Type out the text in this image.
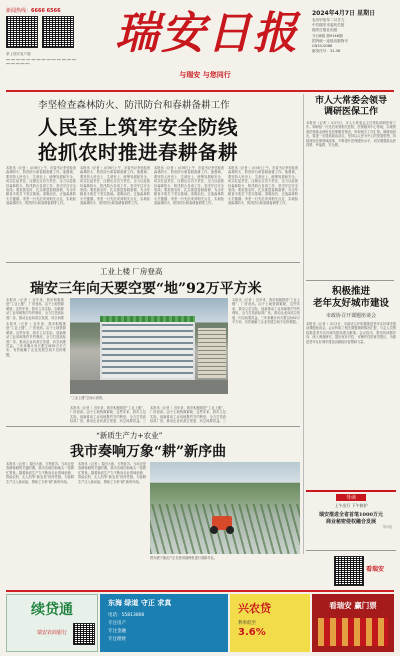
新闻热线：6666 6566
掌上瑞安客户端
━━ ━━ ━━ ━━ ━━ ━━ ━━ ━━ ━━ ━━ ━━ ━━ ━━ ━━ ━━ ━━ ━━ ━━ ━━
瑞安日报
与瑞安 与您同行
2024年4月7日 星期日
农历甲辰年二月廿九
中共瑞安市委机关报
瑞安日报社出版
今日8版 第9146期
国内统一连续出版物号
CN33-0086
邮发代号：31-58
李坚检查森林防火、防汛防台和春耕备耕工作
人民至上筑牢安全防线
抢抓农时推进春耕备耕
本报讯（记者 ）4月6日上午，市委书记李坚检查森林防火、防汛防台和春耕备耕工作。他强调，要坚持人民至上、生命至上，统筹发展和安全，切实扛起责任，压紧压实各方责任，全力以赴抓好森林防火、防汛防台各项工作，坚决守住安全底线；要抢抓农时，扎实推进春耕备耕，为全年粮食丰收打下坚实基础。清明前后，正值森林防火关键期。李坚一行先后来到相关点位，实地检查森林防火、防汛防台和春耕备耕等工作。
本报讯（记者 ）4月6日上午，市委书记李坚检查森林防火、防汛防台和春耕备耕工作。他强调，要坚持人民至上、生命至上，统筹发展和安全，切实扛起责任，压紧压实各方责任，全力以赴抓好森林防火、防汛防台各项工作，坚决守住安全底线；要抢抓农时，扎实推进春耕备耕，为全年粮食丰收打下坚实基础。清明前后，正值森林防火关键期。李坚一行先后来到相关点位，实地检查森林防火、防汛防台和春耕备耕等工作。
本报讯（记者 ）4月6日上午，市委书记李坚检查森林防火、防汛防台和春耕备耕工作。他强调，要坚持人民至上、生命至上，统筹发展和安全，切实扛起责任，压紧压实各方责任，全力以赴抓好森林防火、防汛防台各项工作，坚决守住安全底线；要抢抓农时，扎实推进春耕备耕，为全年粮食丰收打下坚实基础。清明前后，正值森林防火关键期。李坚一行先后来到相关点位，实地检查森林防火、防汛防台和春耕备耕等工作。
本报讯（记者 ）4月6日上午，市委书记李坚检查森林防火、防汛防台和春耕备耕工作。他强调，要坚持人民至上、生命至上，统筹发展和安全，切实扛起责任，压紧压实各方责任，全力以赴抓好森林防火、防汛防台各项工作，坚决守住安全底线；要抢抓农时，扎实推进春耕备耕，为全年粮食丰收打下坚实基础。清明前后，正值森林防火关键期。李坚一行先后来到相关点位，实地检查森林防火、防汛防台和春耕备耕等工作。
市人大常委会领导
调研医保工作
本报讯（记者 ）4月3日，市人大常委会主任带队调研医保工作。调研组一行先后来到相关医院、医保服务中心等地，实地察看医保基金使用及医保服务情况，听取相关工作汇报。调研组指出，要进一步提高政治站位，坚持以人民为中心的发展思想，持续深化医保领域改革，不断提升医保服务水平，切实增强群众获得感、幸福感、安全感。
积极推进
老年友好城市建设
市政协召开课题座谈会
本报讯（记者 ）4月3日，市政协召开积极推进老年友好城市建设课题座谈会。会议听取了相关课题调研情况汇报，与会人员围绕推进老年友好城市建设建言献策。会议指出，要坚持问题导向，深入调查研究，提出有针对性、可操作性的意见建议，为推进老年友好城市建设贡献政协智慧和力量。
导读
上午出行 下午救护
瑞安推进全省首笔1000万元
商业秘密侵权融合发展
第2版
工业上楼 厂房登高
瑞安三年向天要空要“地”92万平方米
本报讯（记者 ）近年来，我市积极推进“工业上楼”，厂房登高。由于土地资源紧缺，这些年来，我市立足实际，创新推动工业用地集约节约利用，全力打造高标准厂房，推动企业向高空发展、向空间要
本报讯（记者 ）近年来，我市积极推进“工业上楼”，厂房登高。由于土地资源紧缺，这些年来，我市立足实际，创新推动工业用地集约节约利用，全力打造高标准厂房，推动企业向高空发展、向空间要效益。三年来累计向天要空间92万平方米，有效破解了企业发展空间不足的难题。
“工业上楼”空间示意图。
本报讯（记者 ）近年来，我市积极推进“工业上楼”，厂房登高。由于土地资源紧缺，这些年来，我市立足实际，创新推动工业用地集约节约利用，全力打造高标准厂房，推动企业向高空发展、向空间要效益。三
本报讯（记者 ）近年来，我市积极推进“工业上楼”，厂房登高。由于土地资源紧缺，这些年来，我市立足实际，创新推动工业用地集约节约利用，全力打造高标准厂房，推动企业向高空发展、向空间要效益。三
本报讯（记者 ）近年来，我市积极推进“工业上楼”，厂房登高。由于土地资源紧缺，这些年来，我市立足实际，创新推动工业用地集约节约利用，全力打造高标准厂房，推动企业向高空发展、向空间要效益。三年来累计向天要空间92万平方米，有效破解了企业发展空间不足的难题。
“新质生产力+农业”
我市奏响万象“耕”新序曲
本报讯（记者 ）春回大地，万物复苏。当前正是春耕备耕的关键时期，我市各地田间地头一派繁忙景象。随着新质生产力不断向农业领域延伸，智能农机、无人机等“新农具”纷纷亮相，为春耕生产注入新动能，奏响了万象“耕”新的序曲。
本报讯（记者 ）春回大地，万物复苏。当前正是春耕备耕的关键时期，我市各地田间地头一派繁忙景象。随着新质生产力不断向农业领域延伸，智能农机、无人机等“新农具”纷纷亮相，为春耕生产注入新动能，奏响了万象“耕”新的序曲。
图为塘下镇农户正在使用插秧机进行春耕作业。
看瑞安
续贷通
瑞安农商银行
东海 绿道 守正 求真
电话：55813806
专注房产
专注金融
专注理财
兴农贷
利率低至
3.6%
看瑞安 赢门票
